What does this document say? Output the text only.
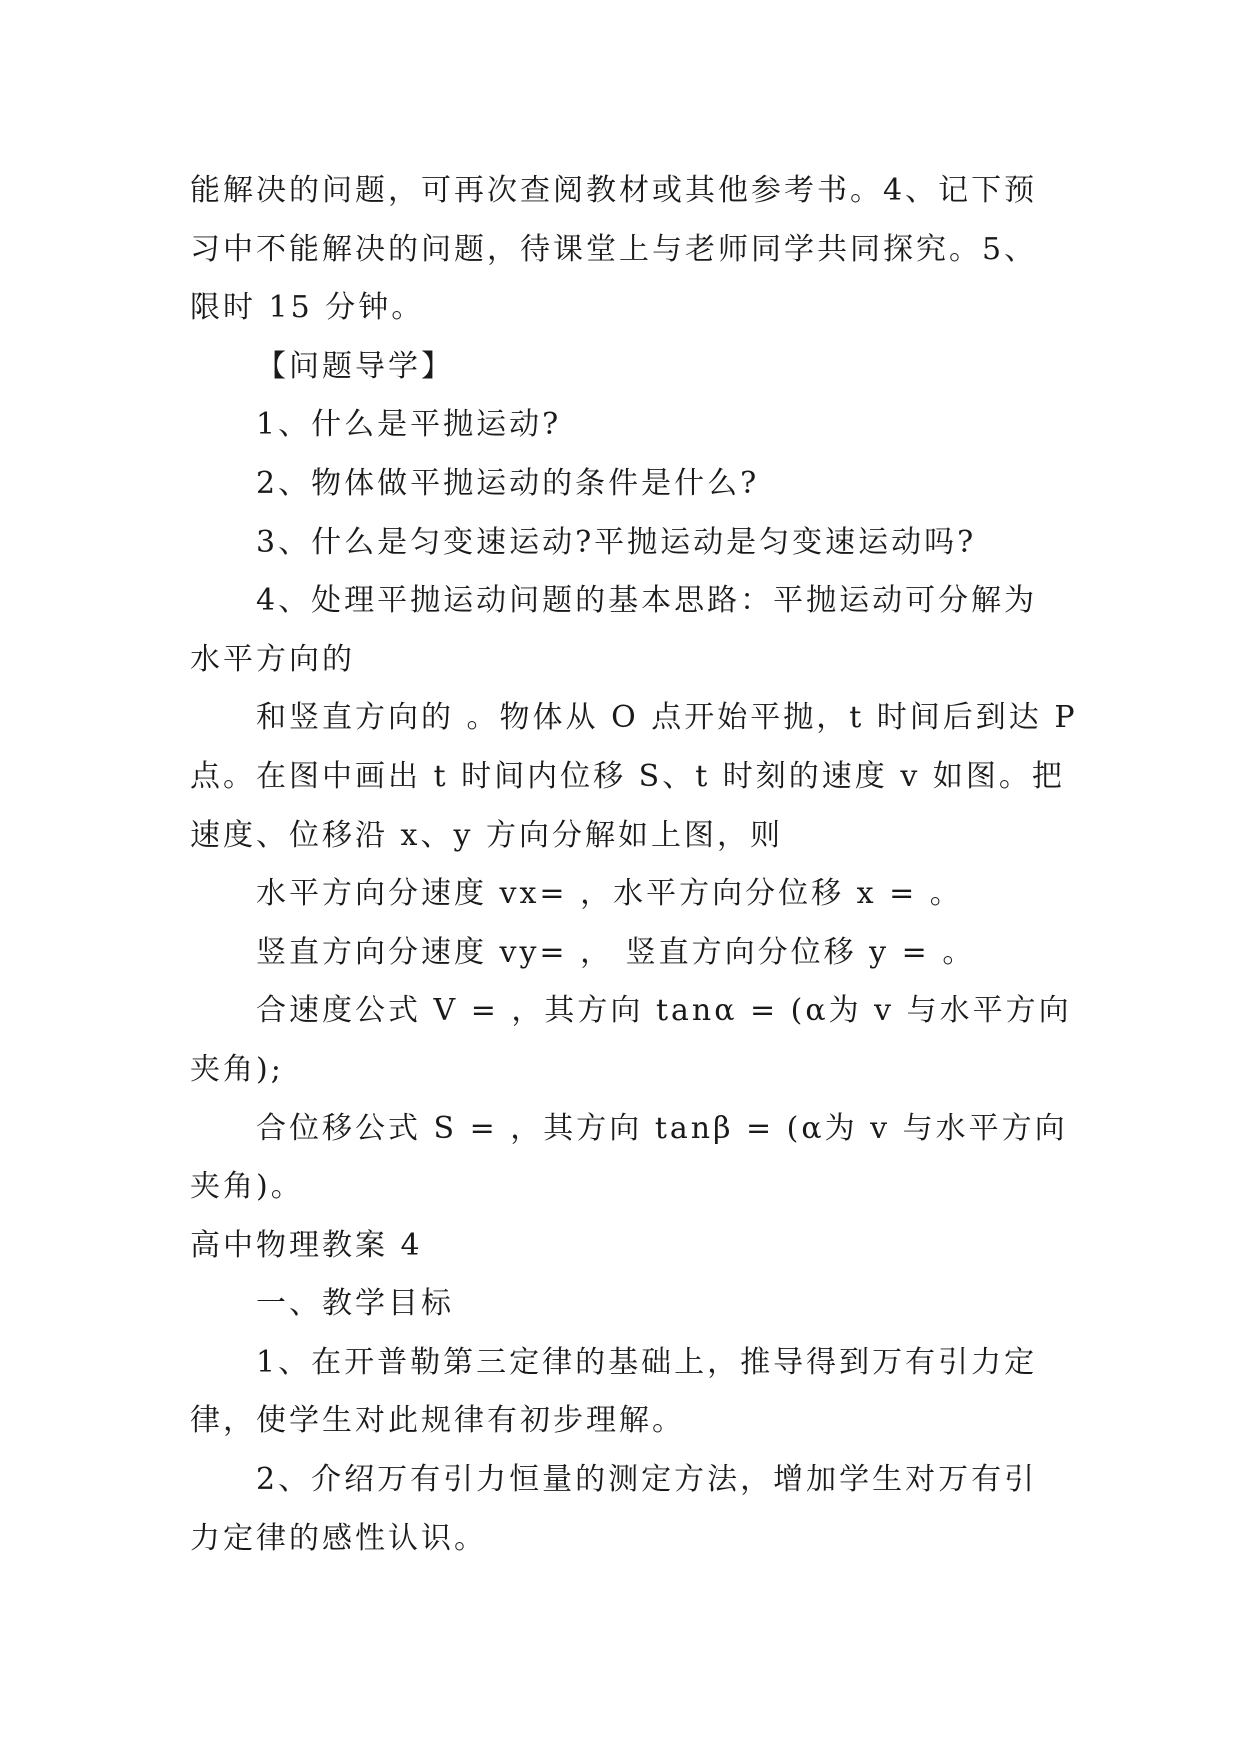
能解决的问题，可再次查阅教材或其他参考书。4、记下预
习中不能解决的问题，待课堂上与老师同学共同探究。5、
限时 15 分钟。
【问题导学】
1、什么是平抛运动?
2、物体做平抛运动的条件是什么?
3、什么是匀变速运动?平抛运动是匀变速运动吗?
4、处理平抛运动问题的基本思路：平抛运动可分解为
水平方向的
和竖直方向的 。物体从 O 点开始平抛，t 时间后到达 P
点。在图中画出 t 时间内位移 S、t 时刻的速度 v 如图。把
速度、位移沿 x、y 方向分解如上图，则
水平方向分速度 vx= ，水平方向分位移 x = 。
竖直方向分速度 vy= ， 竖直方向分位移 y = 。
合速度公式 V = ，其方向 tanα = (α为 v 与水平方向
夹角);
合位移公式 S = ，其方向 tanβ = (α为 v 与水平方向
夹角)。
高中物理教案 4
一、教学目标
1、在开普勒第三定律的基础上，推导得到万有引力定
律，使学生对此规律有初步理解。
2、介绍万有引力恒量的测定方法，增加学生对万有引
力定律的感性认识。
